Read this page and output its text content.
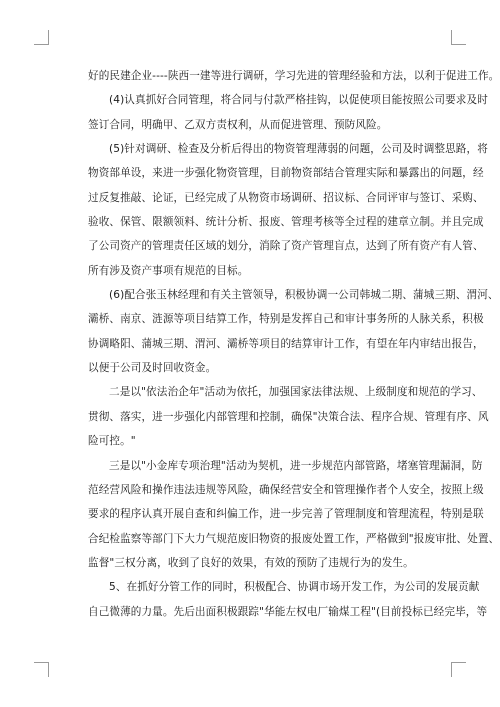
好的民建企业----陕西一建等进行调研，学习先进的管理经验和方法，以利于促进工作。
(4)认真抓好合同管理，将合同与付款严格挂钩，以促使项目能按照公司要求及时
签订合同，明确甲、乙双方责权利，从而促进管理、预防风险。
(5)针对调研、检查及分析后得出的物资管理薄弱的问题，公司及时调整思路，将
物资部单设，来进一步强化物资管理，目前物资部结合管理实际和暴露出的问题，经
过反复推敲、论证，已经完成了从物资市场调研、招议标、合同评审与签订、采购、
验收、保管、限额领料、统计分析、报废、管理考核等全过程的建章立制。并且完成
了公司资产的管理责任区域的划分，消除了资产管理盲点，达到了所有资产有人管、
所有涉及资产事项有规范的目标。
(6)配合张玉林经理和有关主管领导，积极协调一公司韩城二期、蒲城三期、渭河、
灞桥、南京、涟源等项目结算工作，特别是发挥自己和审计事务所的人脉关系，积极
协调略阳、蒲城三期、渭河、灞桥等项目的结算审计工作，有望在年内审结出报告，
以便于公司及时回收资金。
二是以"依法治企年"活动为依托，加强国家法律法规、上级制度和规范的学习、
贯彻、落实，进一步强化内部管理和控制，确保"决策合法、程序合规、管理有序、风
险可控。"
三是以"小金库专项治理"活动为契机，进一步规范内部管路，堵塞管理漏洞，防
范经营风险和操作违法违规等风险，确保经营安全和管理操作者个人安全，按照上级
要求的程序认真开展自查和纠偏工作，进一步完善了管理制度和管理流程，特别是联
合纪检监察等部门下大力气规范废旧物资的报废处置工作，严格做到"报废审批、处置、
监督"三权分离，收到了良好的效果，有效的预防了违规行为的发生。
5、在抓好分管工作的同时，积极配合、协调市场开发工作，为公司的发展贡献
自己微薄的力量。先后出面积极跟踪"华能左权电厂输煤工程"(目前投标已经完毕，等
